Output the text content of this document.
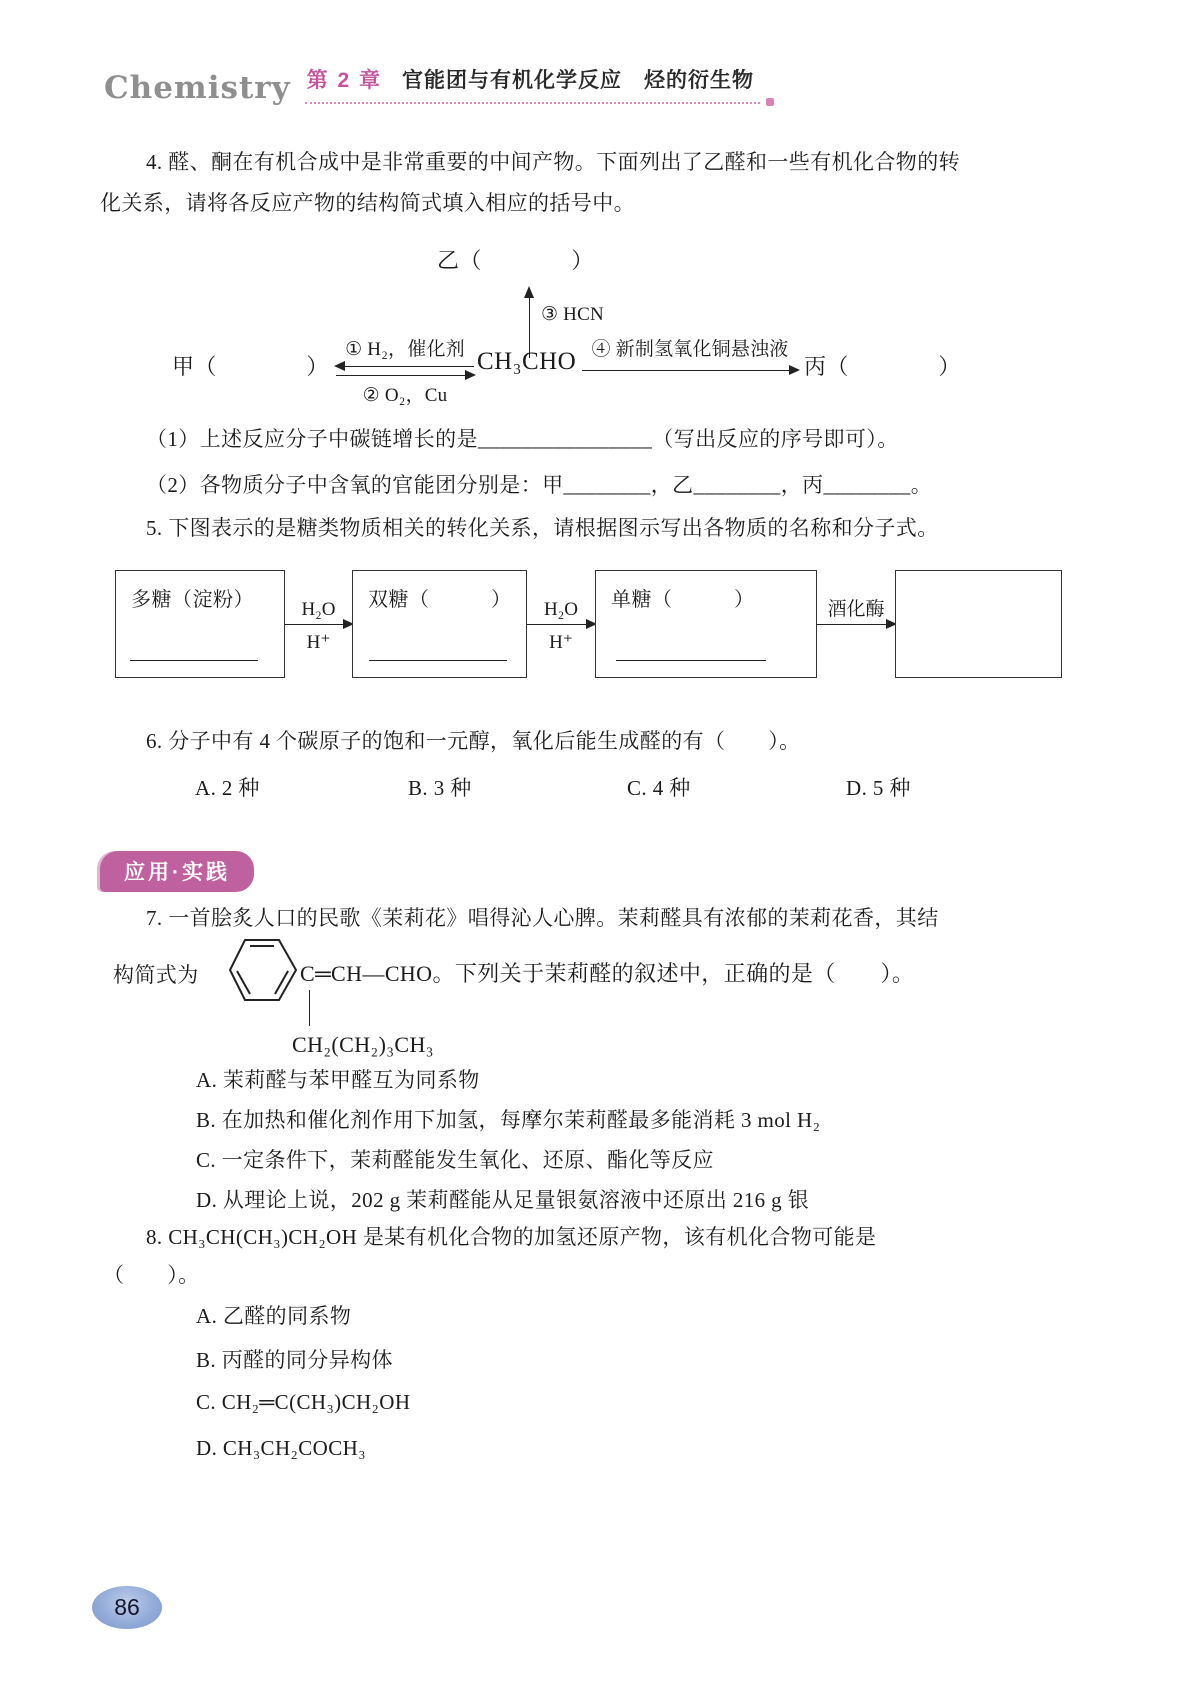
Chemistry 第 2 章 官能团与有机化学反应　烃的衍生物

4. 醛、酮在有机合成中是非常重要的中间产物。下面列出了乙醛和一些有机化合物的转化关系，请将各反应产物的结构简式填入相应的括号中。

乙（　　　　）
③ HCN
甲（　　　　）
① H₂，催化剂
② O₂，Cu
CH₃CHO ④ 新制氢氧化铜悬浊液
丙（　　　　）
（1）上述反应分子中碳链增长的是________________（写出反应的序号即可）。
（2）各物质分子中含氧的官能团分别是：甲________，乙________，丙________。
5. 下图表示的是糖类物质相关的转化关系，请根据图示写出各物质的名称和分子式。
多糖（淀粉）	H₂O
H⁺
双糖（　　　）	H₂O
H⁺
单糖（　　　）	酒化酶
6. 分子中有 4 个碳原子的饱和一元醇，氧化后能生成醛的有（　　）。
A. 2 种	B. 3 种	C. 4 种	D. 5 种
应用·实践
7. 一首脍炙人口的民歌《茉莉花》唱得沁人心脾。茉莉醛具有浓郁的茉莉花香，其结
构简式为	C═CH—CHO。下列关于茉莉醛的叙述中，正确的是（　　）。
CH₂(CH₂)₃CH₃
A. 茉莉醛与苯甲醛互为同系物
B. 在加热和催化剂作用下加氢，每摩尔茉莉醛最多能消耗 3 mol H₂
C. 一定条件下，茉莉醛能发生氧化、还原、酯化等反应
D. 从理论上说，202 g 茉莉醛能从足量银氨溶液中还原出 216 g 银
8. CH₃CH(CH₃)CH₂OH 是某有机化合物的加氢还原产物，该有机化合物可能是
（　　）。
A. 乙醛的同系物
B. 丙醛的同分异构体
C. CH₂═C(CH₃)CH₂OH
D. CH₃CH₂COCH₃
86
